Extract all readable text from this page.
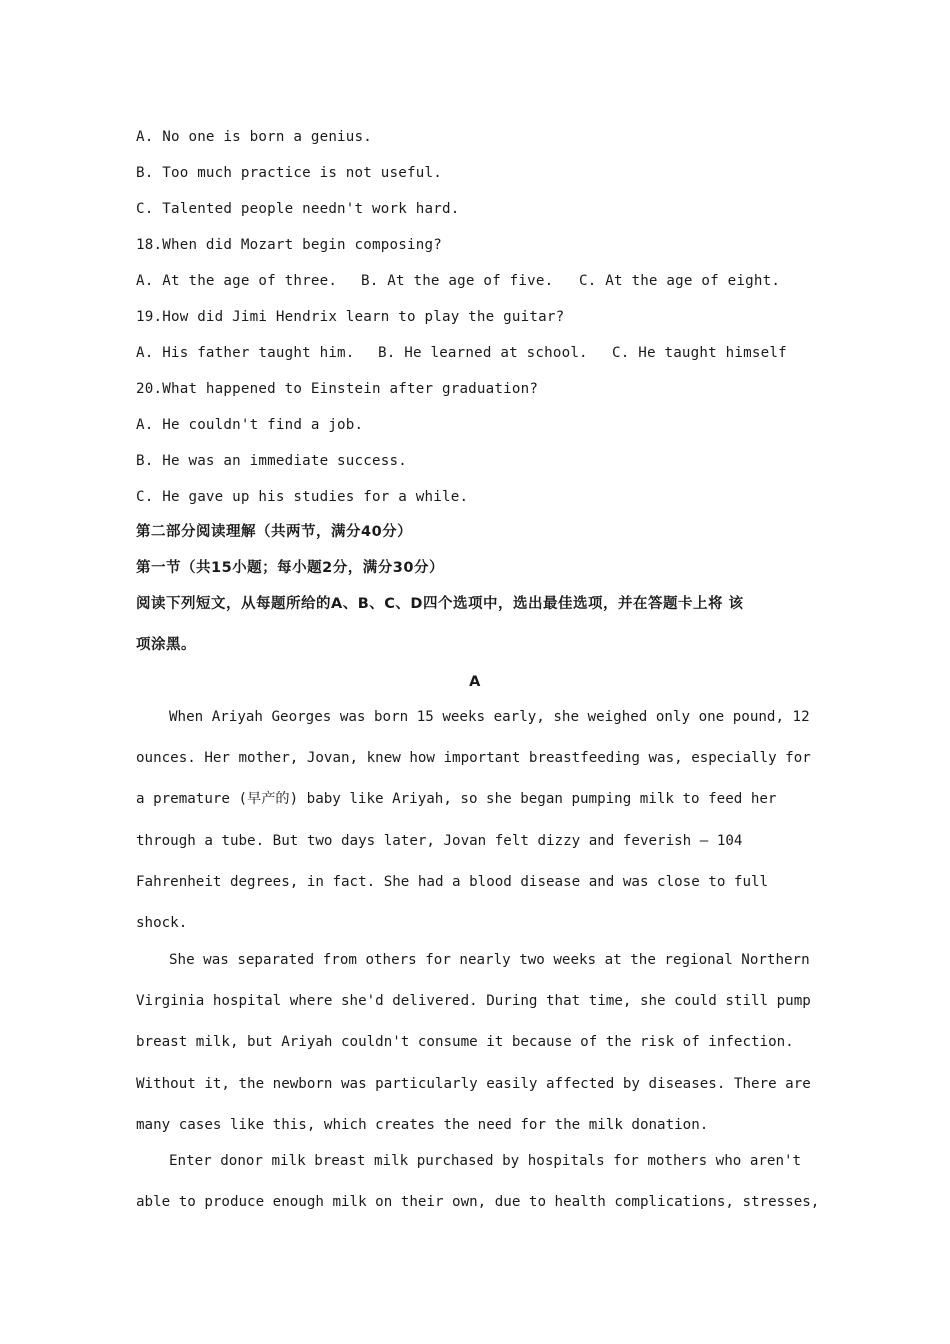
A. No one is born a genius.
B. Too much practice is not useful.
C. Talented people needn't work hard.
18.When did Mozart begin composing?
A. At the age of three. B. At the age of five. C. At the age of eight.
19.How did Jimi Hendrix learn to play the guitar?
A. His father taught him. B. He learned at school. C. He taught himself
20.What happened to Einstein after graduation?
A. He couldn't find a job.
B. He was an immediate success.
C. He gave up his studies for a while.
第二部分阅读理解（共两节，满分40分）
第一节（共15小题；每小题2分，满分30分）
阅读下列短文，从每题所给的A、B、C、D四个选项中，选出最佳选项，并在答题卡上将 该
项涂黑。
A
When Ariyah Georges was born 15 weeks early, she weighed only one pound, 12
ounces. Her mother, Jovan, knew how important breastfeeding was, especially for
a premature (早产的) baby like Ariyah, so she began pumping milk to feed her
through a tube. But two days later, Jovan felt dizzy and feverish — 104
Fahrenheit degrees, in fact. She had a blood disease and was close to full
shock.
She was separated from others for nearly two weeks at the regional Northern
Virginia hospital where she'd delivered. During that time, she could still pump
breast milk, but Ariyah couldn't consume it because of the risk of infection.
Without it, the newborn was particularly easily affected by diseases. There are
many cases like this, which creates the need for the milk donation.
Enter donor milk breast milk purchased by hospitals for mothers who aren't
able to produce enough milk on their own, due to health complications, stresses,
